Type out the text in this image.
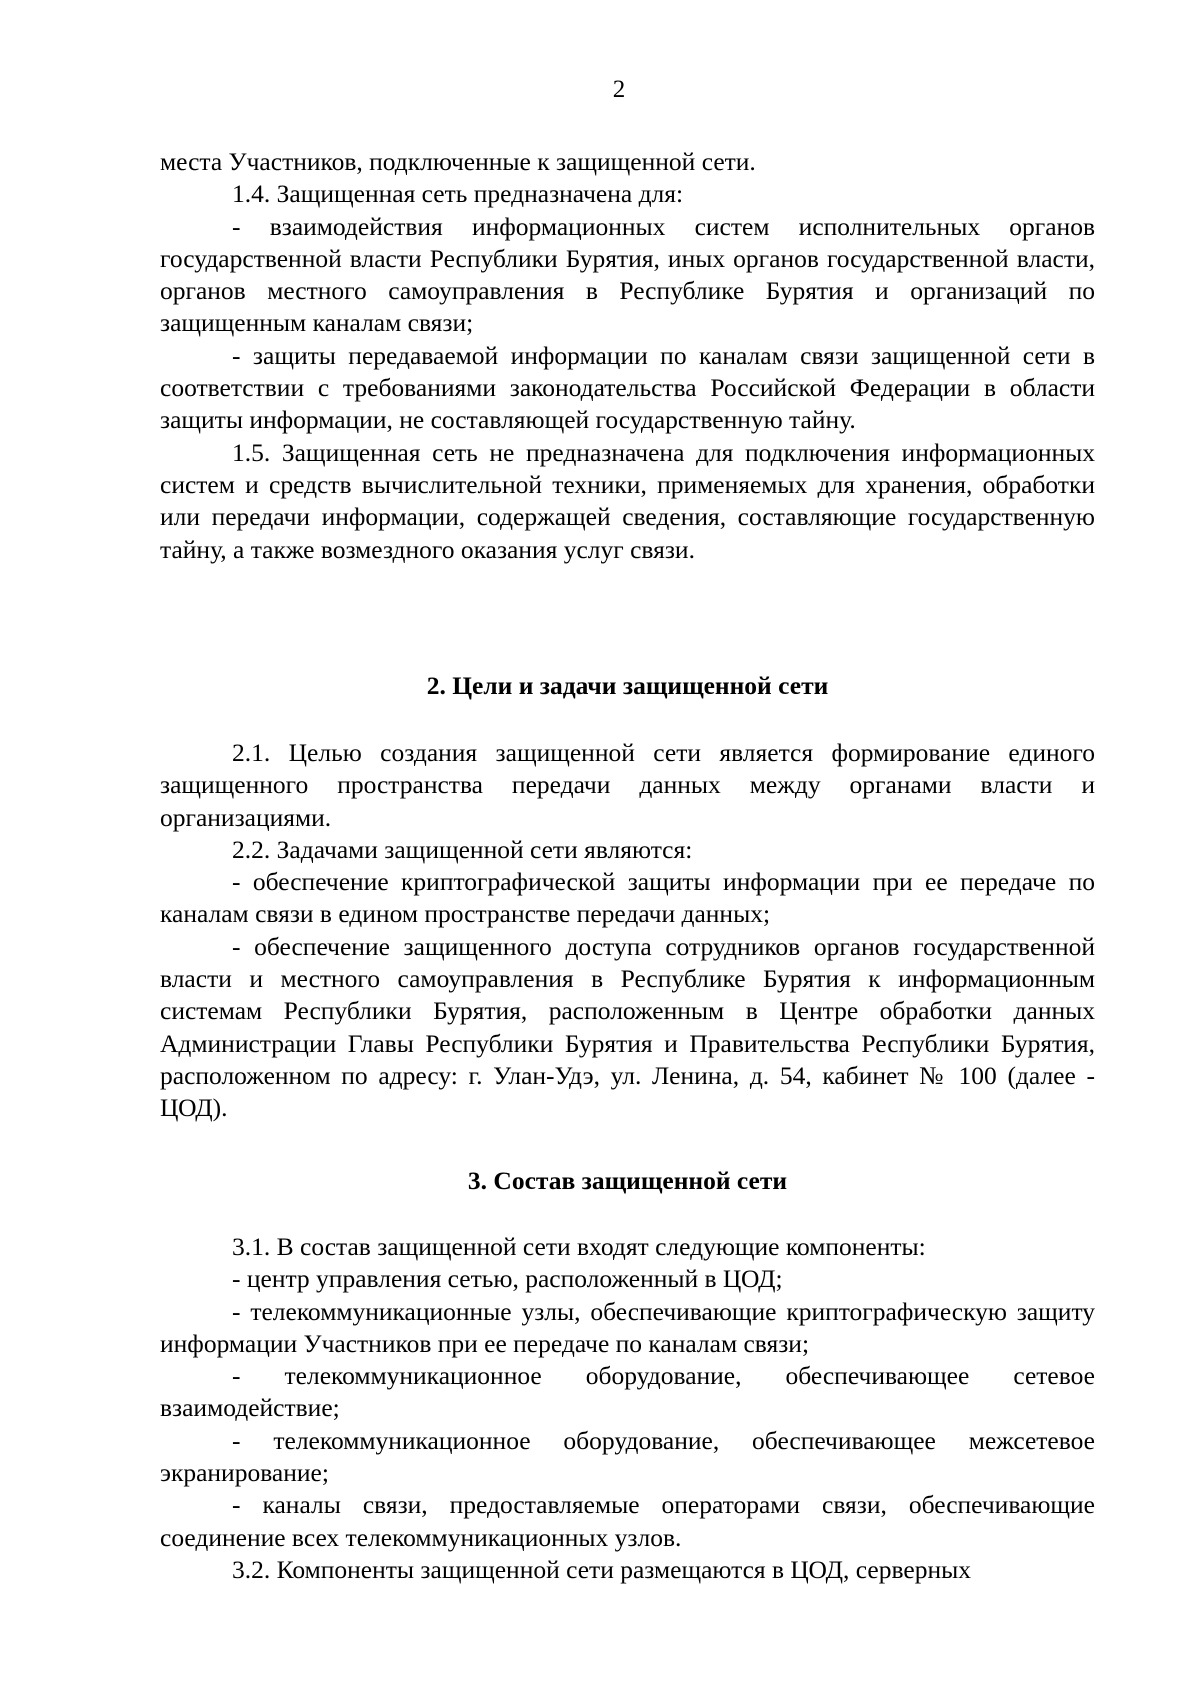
2

места Участников, подключенные к защищенной сети.

1.4. Защищенная сеть предназначена для:

- взаимодействия информационных систем исполнительных органов государственной власти Республики Бурятия, иных органов государственной власти, органов местного самоуправления в Республике Бурятия и организаций по защищенным каналам связи;

- защиты передаваемой информации по каналам связи защищенной сети в соответствии с требованиями законодательства Российской Федерации в области защиты информации, не составляющей государственную тайну.

1.5. Защищенная сеть не предназначена для подключения информационных систем и средств вычислительной техники, применяемых для хранения, обработки или передачи информации, содержащей сведения, составляющие государственную тайну, а также возмездного оказания услуг связи.

2. Цели и задачи защищенной сети

2.1. Целью создания защищенной сети является формирование единого защищенного пространства передачи данных между органами власти и организациями.

2.2. Задачами защищенной сети являются:

- обеспечение криптографической защиты информации при ее передаче по каналам связи в едином пространстве передачи данных;

- обеспечение защищенного доступа сотрудников органов государственной власти и местного самоуправления в Республике Бурятия к информационным системам Республики Бурятия, расположенным в Центре обработки данных Администрации Главы Республики Бурятия и Правительства Республики Бурятия, расположенном по адресу: г. Улан-Удэ, ул. Ленина, д. 54, кабинет № 100 (далее - ЦОД).

3. Состав защищенной сети

3.1. В состав защищенной сети входят следующие компоненты:

- центр управления сетью, расположенный в ЦОД;

- телекоммуникационные узлы, обеспечивающие криптографическую защиту информации Участников при ее передаче по каналам связи;

- телекоммуникационное оборудование, обеспечивающее сетевое взаимодействие;

- телекоммуникационное оборудование, обеспечивающее межсетевое экранирование;

- каналы связи, предоставляемые операторами связи, обеспечивающие соединение всех телекоммуникационных узлов.

3.2. Компоненты защищенной сети размещаются в ЦОД, серверных
